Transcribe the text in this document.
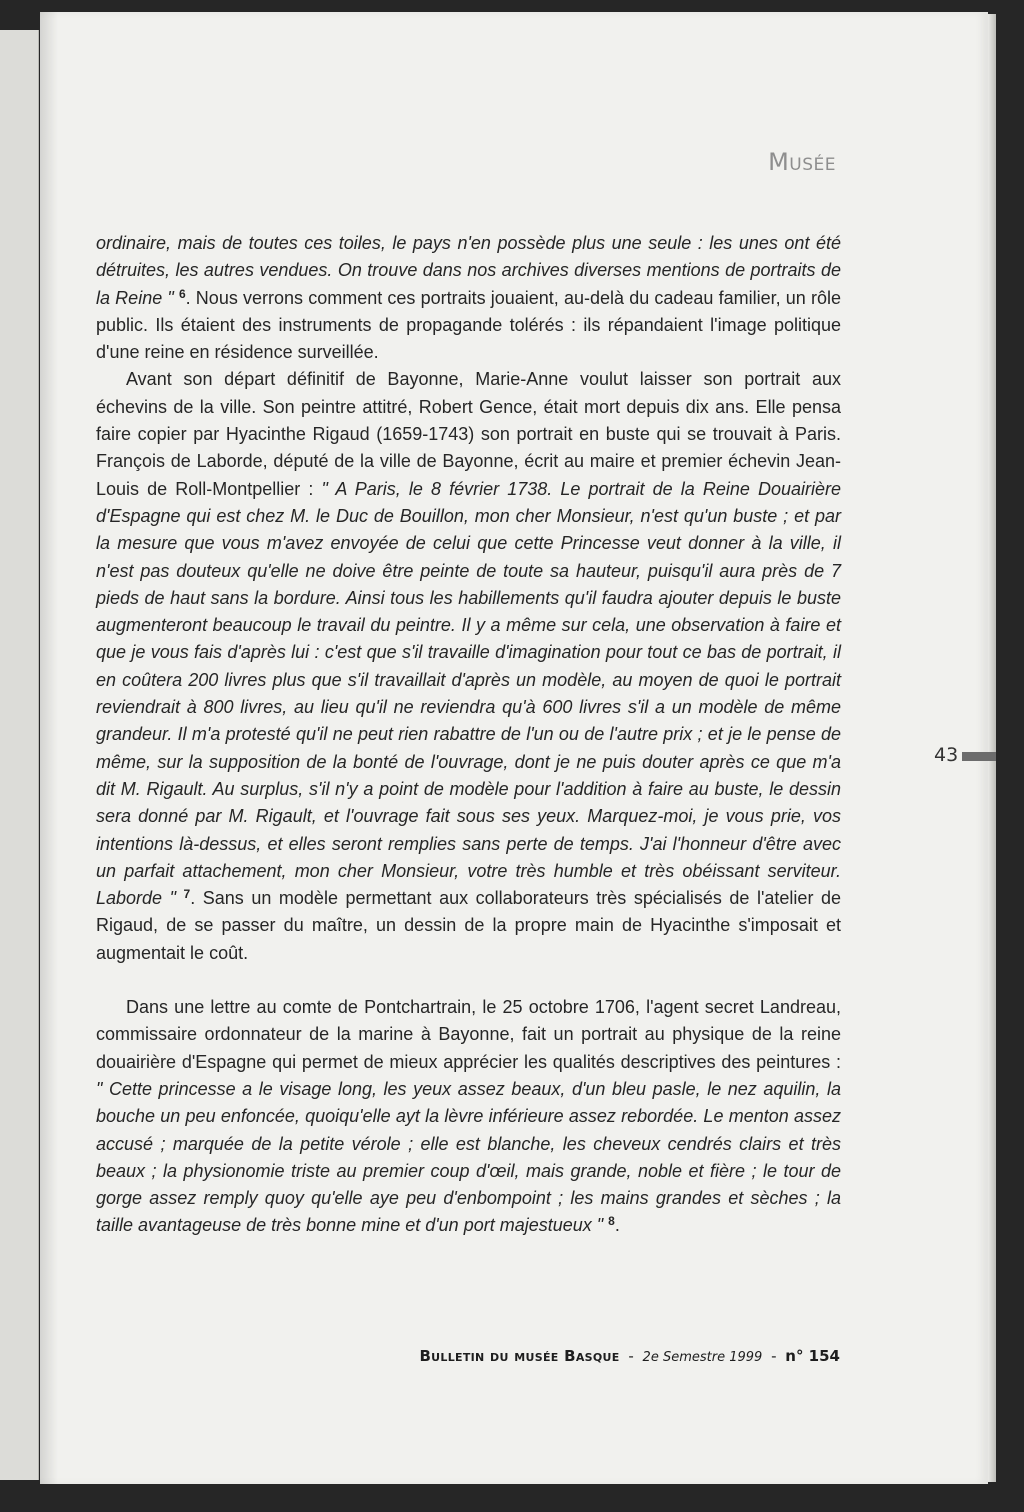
Musée

ordinaire, mais de toutes ces toiles, le pays n'en possède plus une seule : les unes ont été détruites, les autres vendues. On trouve dans nos archives diverses mentions de portraits de la Reine " $^6$. Nous verrons comment ces portraits jouaient, au-delà du cadeau familier, un rôle public. Ils étaient des instruments de propagande tolérés : ils répandaient l'image politique d'une reine en résidence surveillée.

Avant son départ définitif de Bayonne, Marie-Anne voulut laisser son portrait aux échevins de la ville. Son peintre attitré, Robert Gence, était mort depuis dix ans. Elle pensa faire copier par Hyacinthe Rigaud (1659-1743) son portrait en buste qui se trouvait à Paris. François de Laborde, député de la ville de Bayonne, écrit au maire et premier échevin Jean-Louis de Roll-Montpellier : " A Paris, le 8 février 1738. Le portrait de la Reine Douairière d'Espagne qui est chez M. le Duc de Bouillon, mon cher Monsieur, n'est qu'un buste ; et par la mesure que vous m'avez envoyée de celui que cette Princesse veut donner à la ville, il n'est pas douteux qu'elle ne doive être peinte de toute sa hauteur, puisqu'il aura près de 7 pieds de haut sans la bordure. Ainsi tous les habillements qu'il faudra ajouter depuis le buste augmenteront beaucoup le travail du peintre. Il y a même sur cela, une observation à faire et que je vous fais d'après lui : c'est que s'il travaille d'imagination pour tout ce bas de portrait, il en coûtera 200 livres plus que s'il travaillait d'après un modèle, au moyen de quoi le portrait reviendrait à 800 livres, au lieu qu'il ne reviendra qu'à 600 livres s'il a un modèle de même grandeur. Il m'a protesté qu'il ne peut rien rabattre de l'un ou de l'autre prix ; et je le pense de même, sur la supposition de la bonté de l'ouvrage, dont je ne puis douter après ce que m'a dit M. Rigault. Au surplus, s'il n'y a point de modèle pour l'addition à faire au buste, le dessin sera donné par M. Rigault, et l'ouvrage fait sous ses yeux. Marquez-moi, je vous prie, vos intentions là-dessus, et elles seront remplies sans perte de temps. J'ai l'honneur d'être avec un parfait attachement, mon cher Monsieur, votre très humble et très obéissant serviteur. Laborde " $^7$. Sans un modèle permettant aux collaborateurs très spécialisés de l'atelier de Rigaud, de se passer du maître, un dessin de la propre main de Hyacinthe s'imposait et augmentait le coût.

Dans une lettre au comte de Pontchartrain, le 25 octobre 1706, l'agent secret Landreau, commissaire ordonnateur de la marine à Bayonne, fait un portrait au physique de la reine douairière d'Espagne qui permet de mieux apprécier les qualités descriptives des peintures : " Cette princesse a le visage long, les yeux assez beaux, d'un bleu pasle, le nez aquilin, la bouche un peu enfoncée, quoiqu'elle ayt la lèvre inférieure assez rebordée. Le menton assez accusé ; marquée de la petite vérole ; elle est blanche, les cheveux cendrés clairs et très beaux ; la physionomie triste au premier coup d'œil, mais grande, noble et fière ; le tour de gorge assez remply quoy qu'elle aye peu d'enbompoint ; les mains grandes et sèches ; la taille avantageuse de très bonne mine et d'un port majestueux " $^8$.

43
Bulletin du musée Basque - 2e Semestre 1999 - n° 154
